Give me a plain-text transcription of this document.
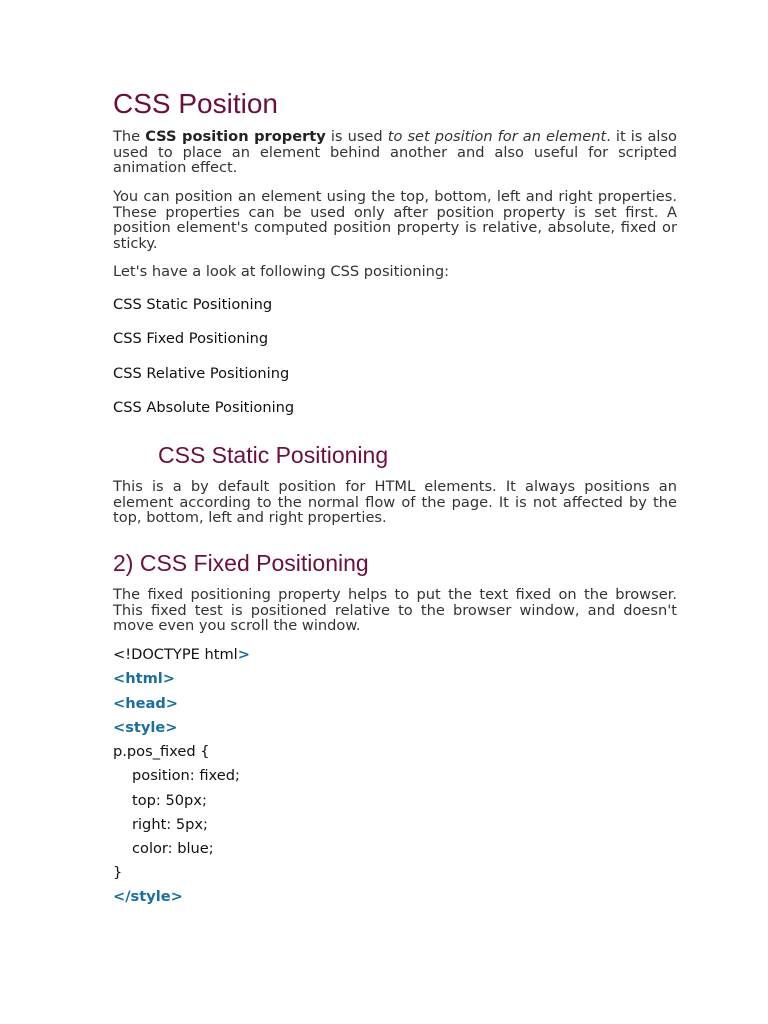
CSS Position

The CSS position property is used to set position for an element. it is also used to place an element behind another and also useful for scripted animation effect.

You can position an element using the top, bottom, left and right properties. These properties can be used only after position property is set first. A position element's computed position property is relative, absolute, fixed or sticky.

Let's have a look at following CSS positioning:

CSS Static Positioning

CSS Fixed Positioning

CSS Relative Positioning

CSS Absolute Positioning

CSS Static Positioning

This is a by default position for HTML elements. It always positions an element according to the normal flow of the page. It is not affected by the top, bottom, left and right properties.

2) CSS Fixed Positioning

The fixed positioning property helps to put the text fixed on the browser. This fixed test is positioned relative to the browser window, and doesn't move even you scroll the window.

<!DOCTYPE html>

<html>

<head>

<style>

p.pos_fixed {

position: fixed;

top: 50px;

right: 5px;

color: blue;

}

</style>
